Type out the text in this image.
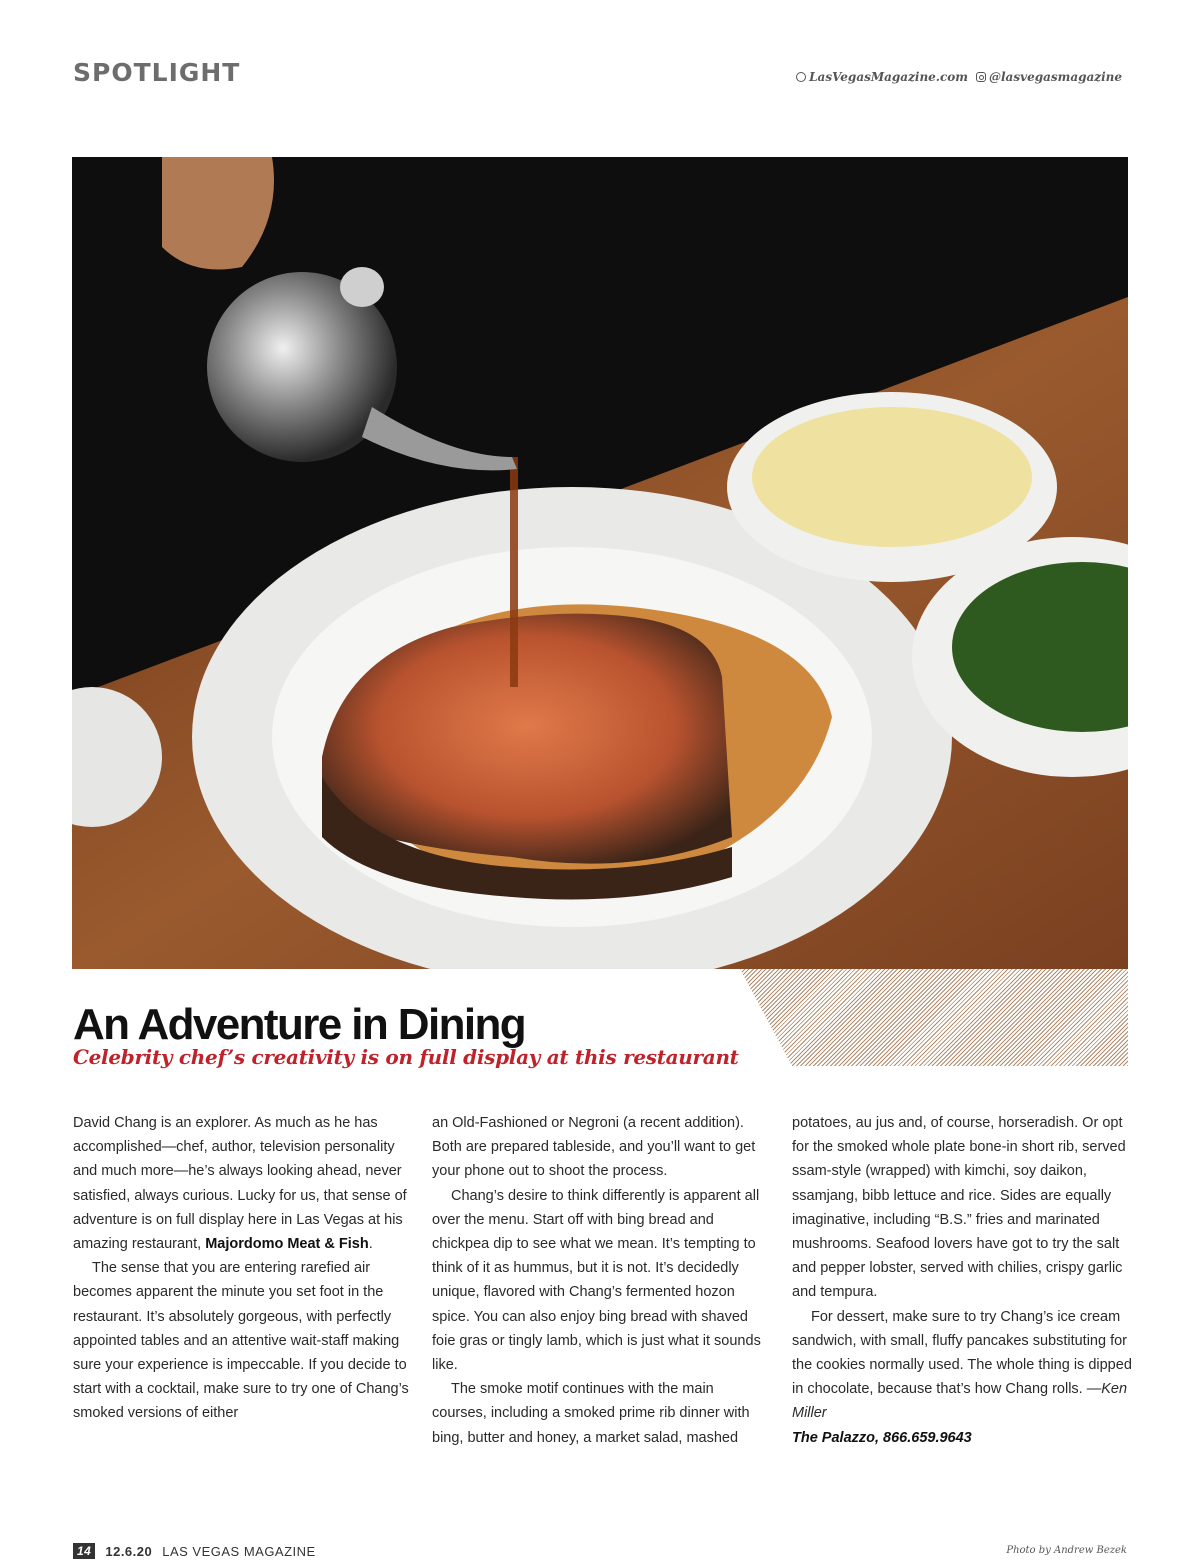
SPOTLIGHT	LasVegasMagazine.com	@lasvegasmagazine
An Adventure in Dining
Celebrity chef’s creativity is on full display at this restaurant

David Chang is an explorer. As much as he has accomplished—chef, author, television personality and much more—he’s always looking ahead, never satisfied, always curious. Lucky for us, that sense of adventure is on full display here in Las Vegas at his amazing restaurant, Majordomo Meat & Fish.

The sense that you are entering rarefied air becomes apparent the minute you set foot in the restaurant. It’s absolutely gorgeous, with perfectly appointed tables and an attentive wait-staff making sure your experience is impeccable. If you decide to start with a cocktail, make sure to try one of Chang’s smoked versions of either

an Old-Fashioned or Negroni (a recent addition). Both are prepared tableside, and you’ll want to get your phone out to shoot the process.

Chang’s desire to think differently is apparent all over the menu. Start off with bing bread and chickpea dip to see what we mean. It’s tempting to think of it as hummus, but it is not. It’s decidedly unique, flavored with Chang’s fermented hozon spice. You can also enjoy bing bread with shaved foie gras or tingly lamb, which is just what it sounds like.

The smoke motif continues with the main courses, including a smoked prime rib dinner with bing, butter and honey, a market salad, mashed

potatoes, au jus and, of course, horseradish. Or opt for the smoked whole plate bone-in short rib, served ssam-style (wrapped) with kimchi, soy daikon, ssamjang, bibb lettuce and rice. Sides are equally imaginative, including “B.S.” fries and marinated mushrooms. Seafood lovers have got to try the salt and pepper lobster, served with chilies, crispy garlic and tempura.

For dessert, make sure to try Chang’s ice cream sandwich, with small, fluffy pancakes substituting for the cookies normally used. The whole thing is dipped in chocolate, because that’s how Chang rolls. —Ken Miller

The Palazzo, 866.659.9643
14	12.6.20 LAS VEGAS MAGAZINE	Photo by Andrew Bezek
